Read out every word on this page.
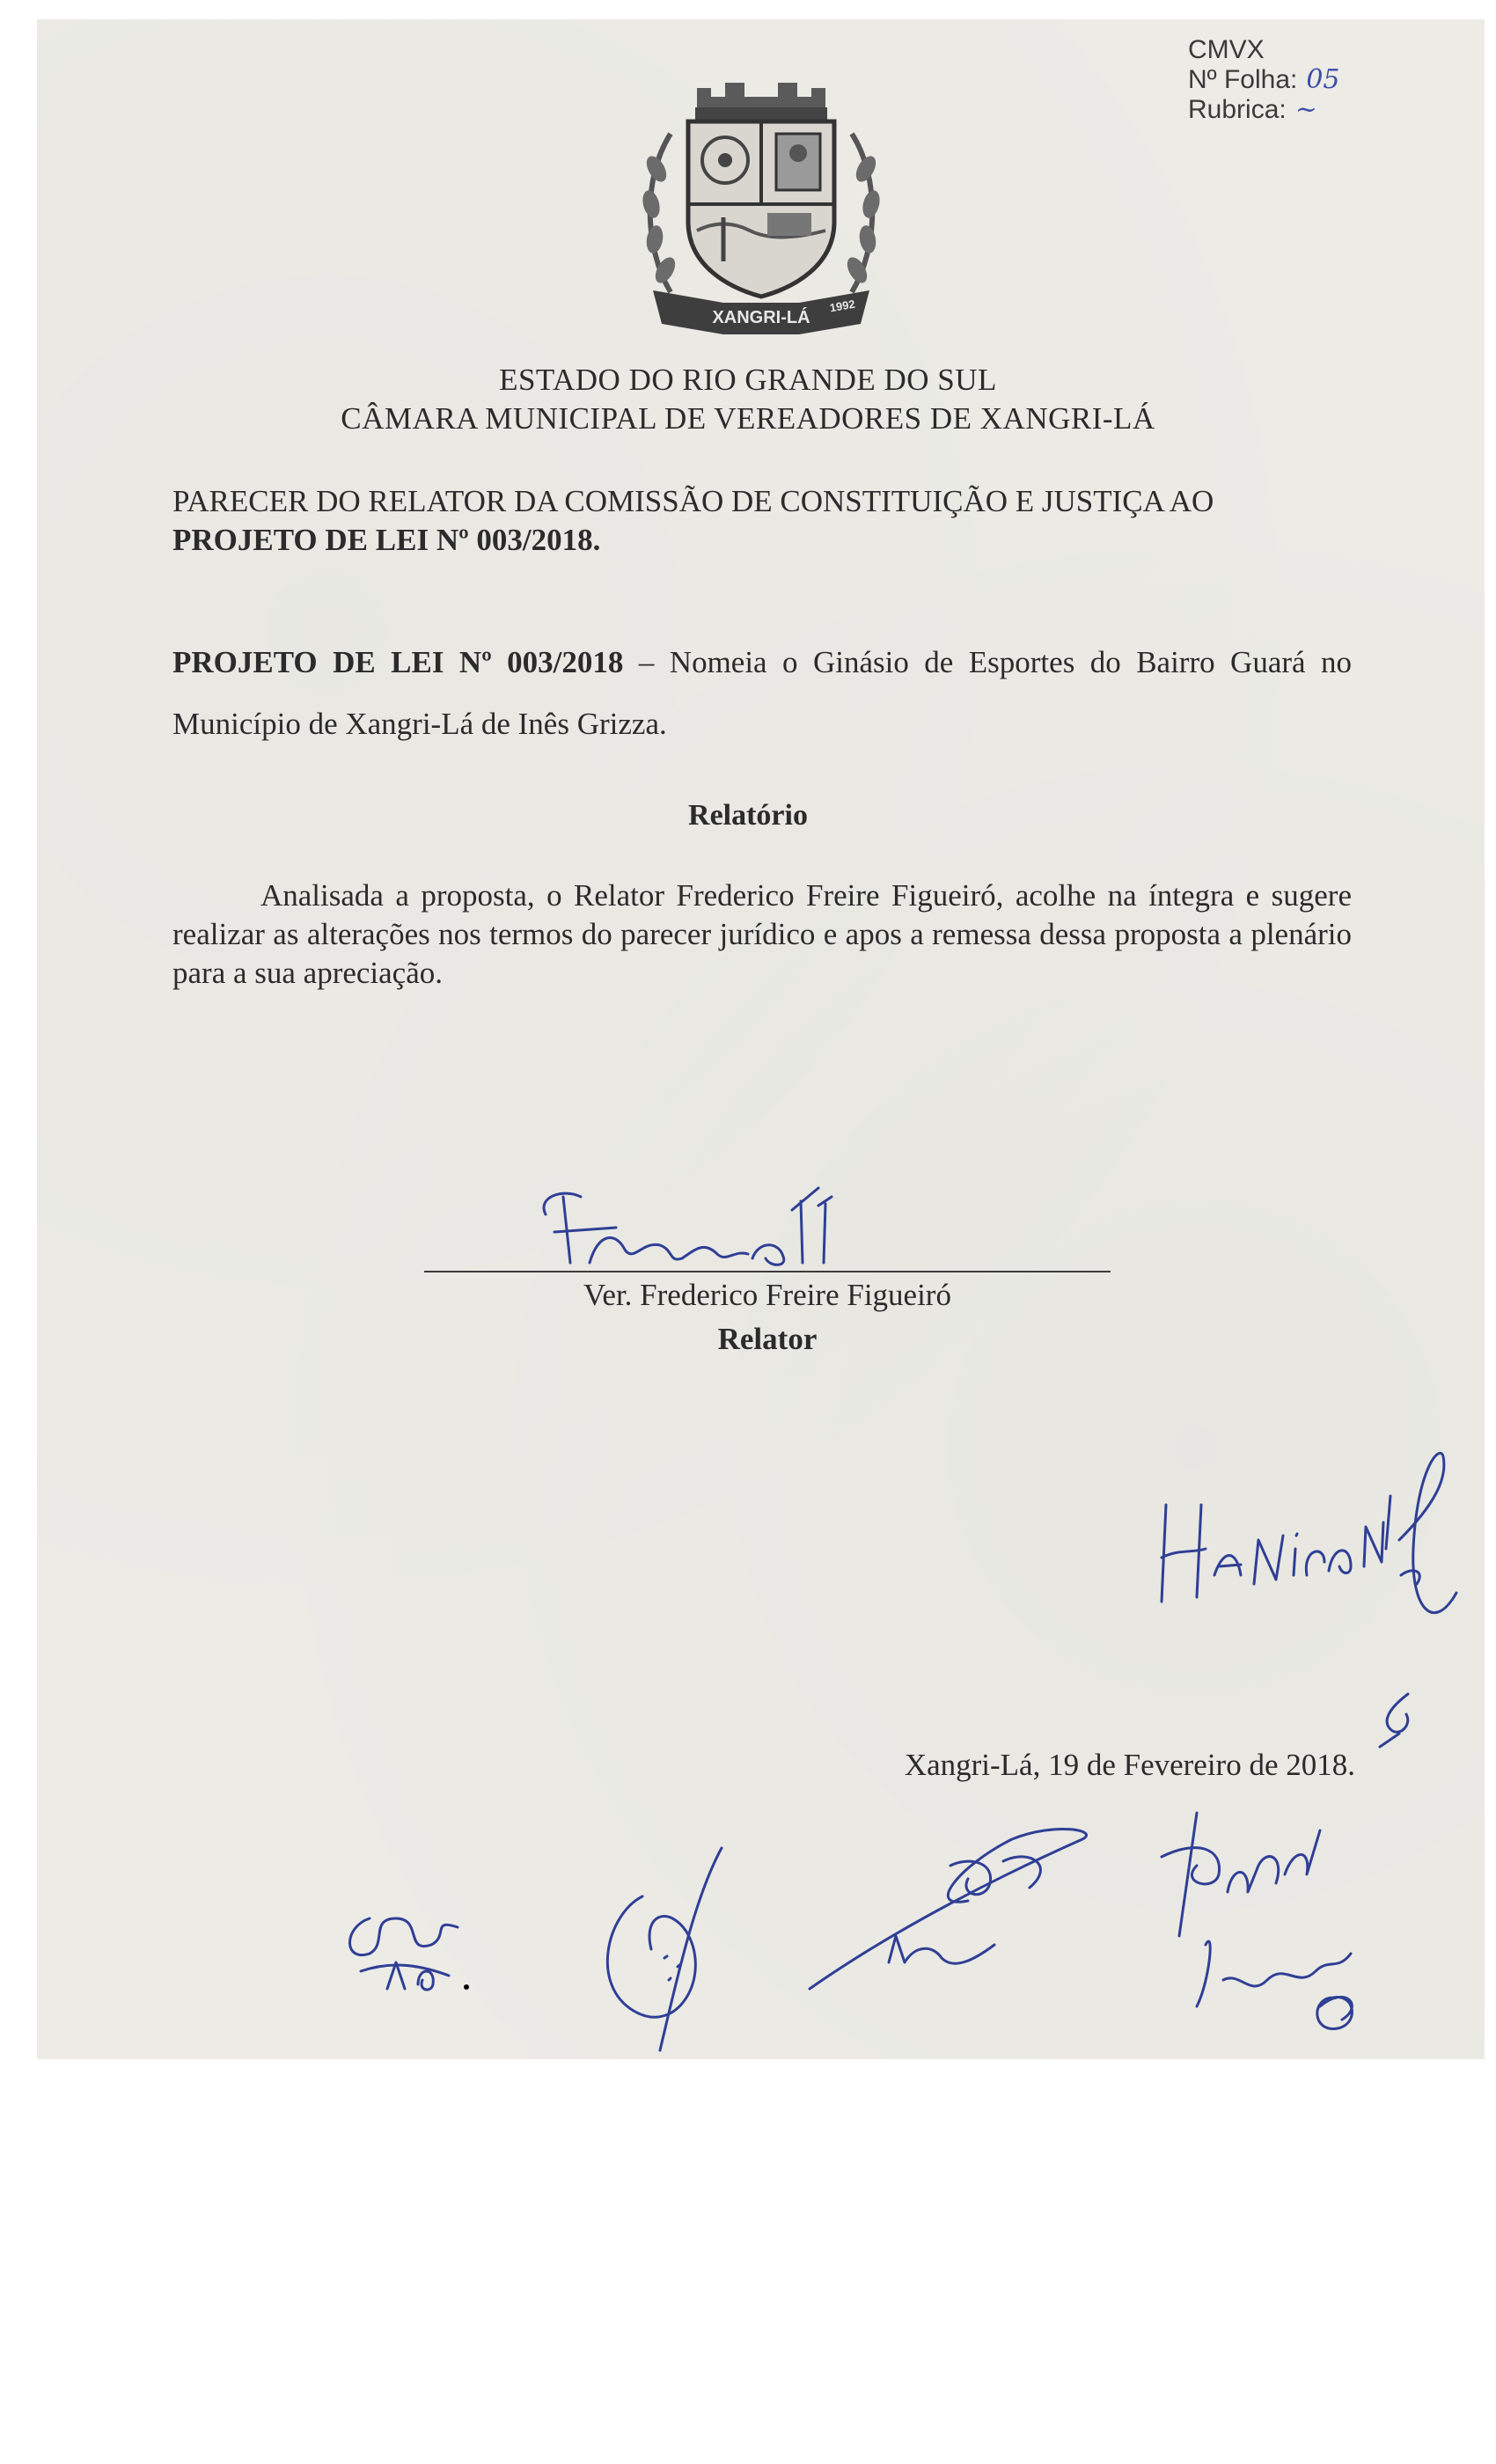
CMVX
Nº Folha: 05
Rubrica: ~
XANGRI-LÁ
1992
ESTADO DO RIO GRANDE DO SUL
CÂMARA MUNICIPAL DE VEREADORES DE XANGRI-LÁ
PARECER DO RELATOR DA COMISSÃO DE CONSTITUIÇÃO E JUSTIÇA AO
PROJETO DE LEI Nº 003/2018.
PROJETO DE LEI Nº 003/2018 – Nomeia o Ginásio de Esportes do Bairro Guará no Município de Xangri-Lá de Inês Grizza.
Relatório
Analisada a proposta, o Relator Frederico Freire Figueiró, acolhe na íntegra e sugere realizar as alterações nos termos do parecer jurídico e apos a remessa dessa proposta a plenário para a sua apreciação.
Ver. Frederico Freire Figueiró
Relator
Xangri-Lá, 19 de Fevereiro de 2018.
